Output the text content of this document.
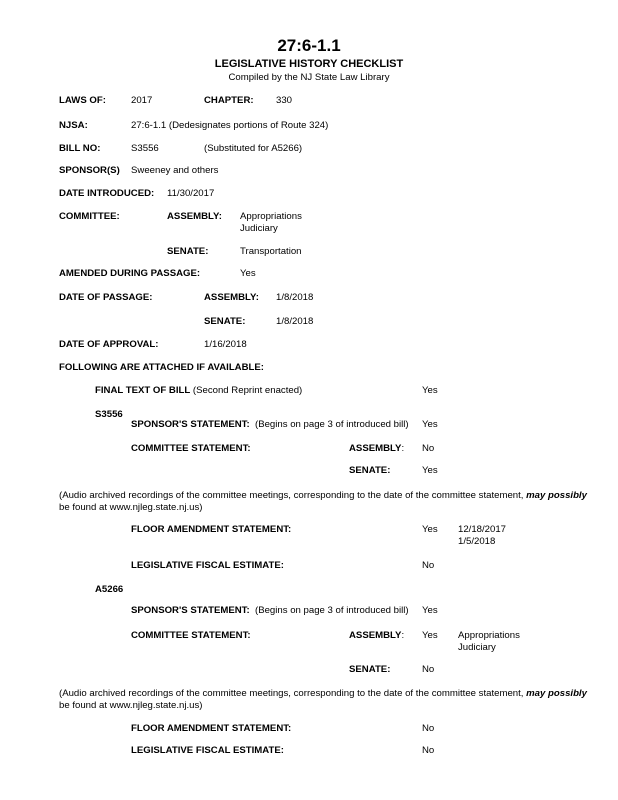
27:6-1.1
LEGISLATIVE HISTORY CHECKLIST
Compiled by the NJ State Law Library
LAWS OF:	2017	CHAPTER: 330
NJSA:	27:6-1.1 (Dedesignates portions of Route 324)
BILL NO:	S3556	(Substituted for A5266)
SPONSOR(S) Sweeney and others
DATE INTRODUCED: 11/30/2017
COMMITTEE:	ASSEMBLY: Appropriations
Judiciary
SENATE:	Transportation
AMENDED DURING PASSAGE:	Yes
DATE OF PASSAGE:	ASSEMBLY: 1/8/2018
SENATE:	1/8/2018
DATE OF APPROVAL:	1/16/2018
FOLLOWING ARE ATTACHED IF AVAILABLE:
FINAL TEXT OF BILL (Second Reprint enacted)	Yes
S3556
SPONSOR'S STATEMENT: (Begins on page 3 of introduced bill) Yes
COMMITTEE STATEMENT:	ASSEMBLY: No
SENATE:	Yes
(Audio archived recordings of the committee meetings, corresponding to the date of the committee statement, may possibly
be found at www.njleg.state.nj.us)
FLOOR AMENDMENT STATEMENT:	Yes 12/18/2017
1/5/2018
LEGISLATIVE FISCAL ESTIMATE:	No
A5266
SPONSOR'S STATEMENT: (Begins on page 3 of introduced bill) Yes
COMMITTEE STATEMENT:	ASSEMBLY: Yes Appropriations
Judiciary
SENATE:	No
(Audio archived recordings of the committee meetings, corresponding to the date of the committee statement, may possibly
be found at www.njleg.state.nj.us)
FLOOR AMENDMENT STATEMENT:	No
LEGISLATIVE FISCAL ESTIMATE:	No
